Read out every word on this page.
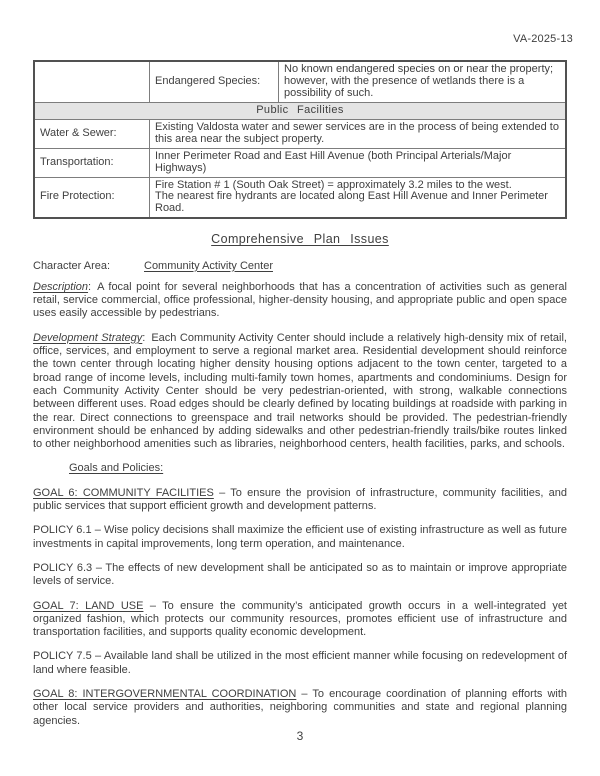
VA-2025-13
	Endangered Species:	No known endangered species on or near the property; however, with the presence of wetlands there is a possibility of such.
Public Facilities		
Water & Sewer:	Existing Valdosta water and sewer services are in the process of being extended to this area near the subject property.	
Transportation:	Inner Perimeter Road and East Hill Avenue (both Principal Arterials/Major Highways)	
Fire Protection:	Fire Station # 1 (South Oak Street) = approximately 3.2 miles to the west.
The nearest fire hydrants are located along East Hill Avenue and Inner Perimeter Road.	
Comprehensive Plan Issues
Character Area:	Community Activity Center

Description: A focal point for several neighborhoods that has a concentration of activities such as general retail, service commercial, office professional, higher-density housing, and appropriate public and open space uses easily accessible by pedestrians.

Development Strategy: Each Community Activity Center should include a relatively high-density mix of retail, office, services, and employment to serve a regional market area. Residential development should reinforce the town center through locating higher density housing options adjacent to the town center, targeted to a broad range of income levels, including multi-family town homes, apartments and condominiums. Design for each Community Activity Center should be very pedestrian-oriented, with strong, walkable connections between different uses. Road edges should be clearly defined by locating buildings at roadside with parking in the rear. Direct connections to greenspace and trail networks should be provided. The pedestrian-friendly environment should be enhanced by adding sidewalks and other pedestrian-friendly trails/bike routes linked to other neighborhood amenities such as libraries, neighborhood centers, health facilities, parks, and schools.

Goals and Policies:

GOAL 6: COMMUNITY FACILITIES – To ensure the provision of infrastructure, community facilities, and public services that support efficient growth and development patterns.

POLICY 6.1 – Wise policy decisions shall maximize the efficient use of existing infrastructure as well as future investments in capital improvements, long term operation, and maintenance.

POLICY 6.3 – The effects of new development shall be anticipated so as to maintain or improve appropriate levels of service.

GOAL 7: LAND USE – To ensure the community’s anticipated growth occurs in a well-integrated yet organized fashion, which protects our community resources, promotes efficient use of infrastructure and transportation facilities, and supports quality economic development.

POLICY 7.5 – Available land shall be utilized in the most efficient manner while focusing on redevelopment of land where feasible.

GOAL 8: INTERGOVERNMENTAL COORDINATION – To encourage coordination of planning efforts with other local service providers and authorities, neighboring communities and state and regional planning agencies.

3
